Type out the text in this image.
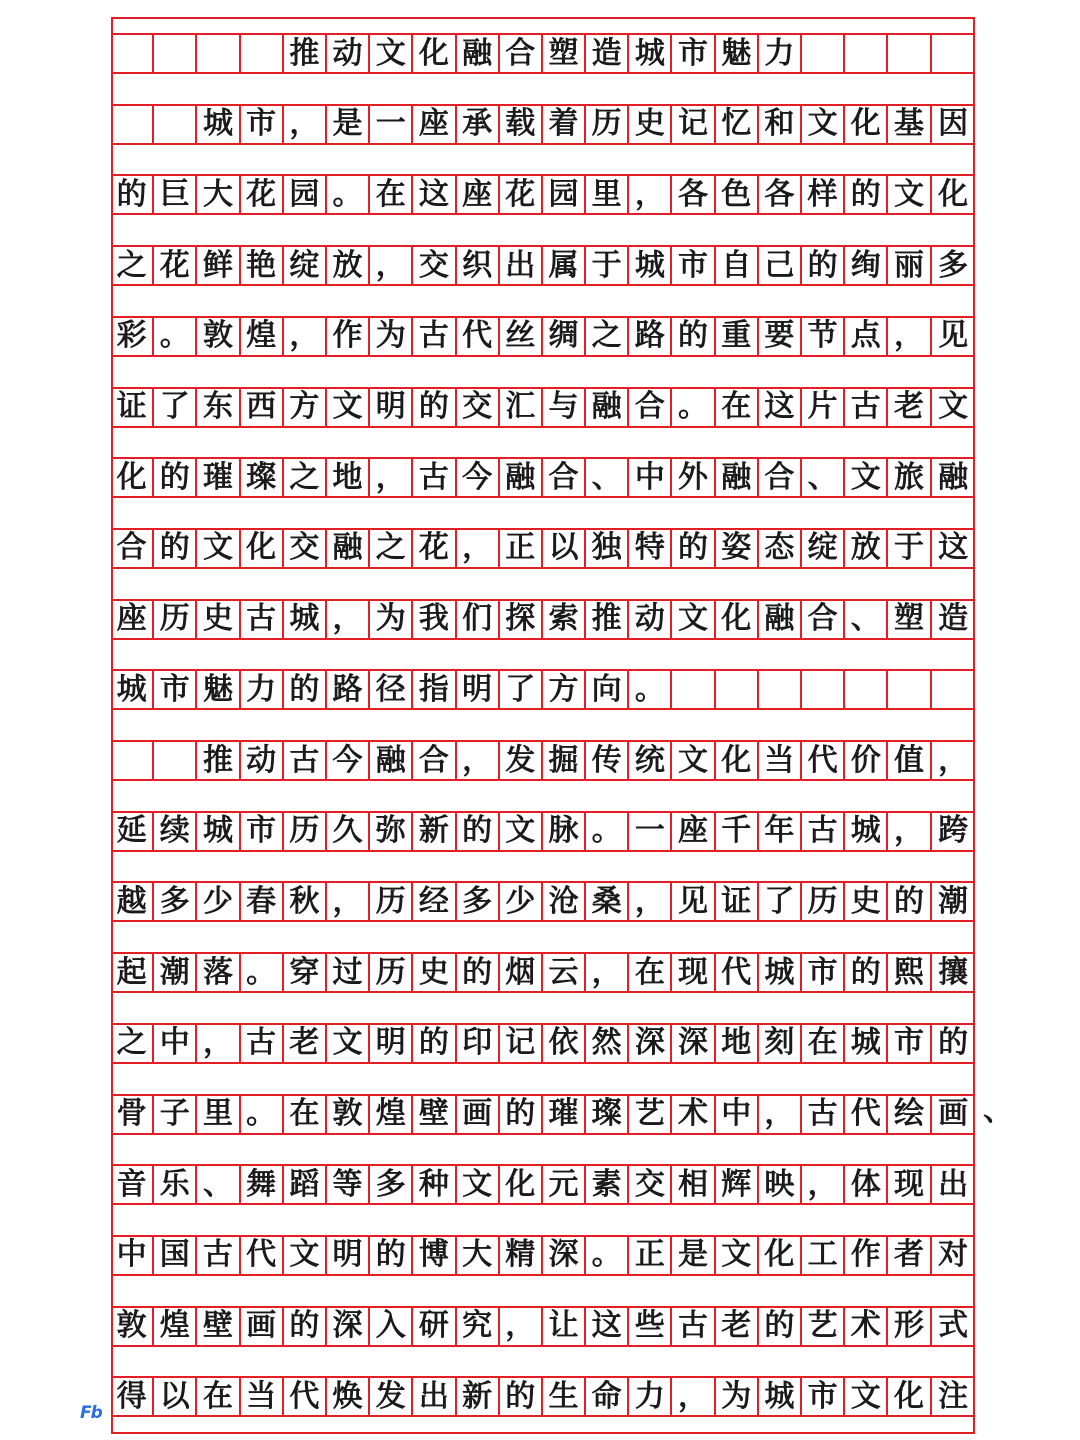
推 动 文 化 融 合 塑 造 城 市 魅 力
城 市 ， 是 一 座 承 载 着 历 史 记 忆 和 文 化 基 因
的 巨 大 花 园 。 在 这 座 花 园 里 ， 各 色 各 样 的 文 化
之 花 鲜 艳 绽 放 ， 交 织 出 属 于 城 市 自 己 的 绚 丽 多
彩 。 敦 煌 ， 作 为 古 代 丝 绸 之 路 的 重 要 节 点 ， 见
证 了 东 西 方 文 明 的 交 汇 与 融 合 。 在 这 片 古 老 文
化 的 璀 璨 之 地 ， 古 今 融 合 、 中 外 融 合 、 文 旅 融
合 的 文 化 交 融 之 花 ， 正 以 独 特 的 姿 态 绽 放 于 这
座 历 史 古 城 ， 为 我 们 探 索 推 动 文 化 融 合 、 塑 造
城 市 魅 力 的 路 径 指 明 了 方 向 。
推 动 古 今 融 合 ， 发 掘 传 统 文 化 当 代 价 值 ，
延 续 城 市 历 久 弥 新 的 文 脉 。 一 座 千 年 古 城 ， 跨
越 多 少 春 秋 ， 历 经 多 少 沧 桑 ， 见 证 了 历 史 的 潮
起 潮 落 。 穿 过 历 史 的 烟 云 ， 在 现 代 城 市 的 熙 攘
之 中 ， 古 老 文 明 的 印 记 依 然 深 深 地 刻 在 城 市 的
骨 子 里 。 在 敦 煌 壁 画 的 璀 璨 艺 术 中 ， 古 代 绘 画
音 乐 、 舞 蹈 等 多 种 文 化 元 素 交 相 辉 映 ， 体 现 出
中 国 古 代 文 明 的 博 大 精 深 。 正 是 文 化 工 作 者 对
敦 煌 壁 画 的 深 入 研 究 ， 让 这 些 古 老 的 艺 术 形 式
得 以 在 当 代 焕 发 出 新 的 生 命 力 ， 为 城 市 文 化 注
、
Fb
